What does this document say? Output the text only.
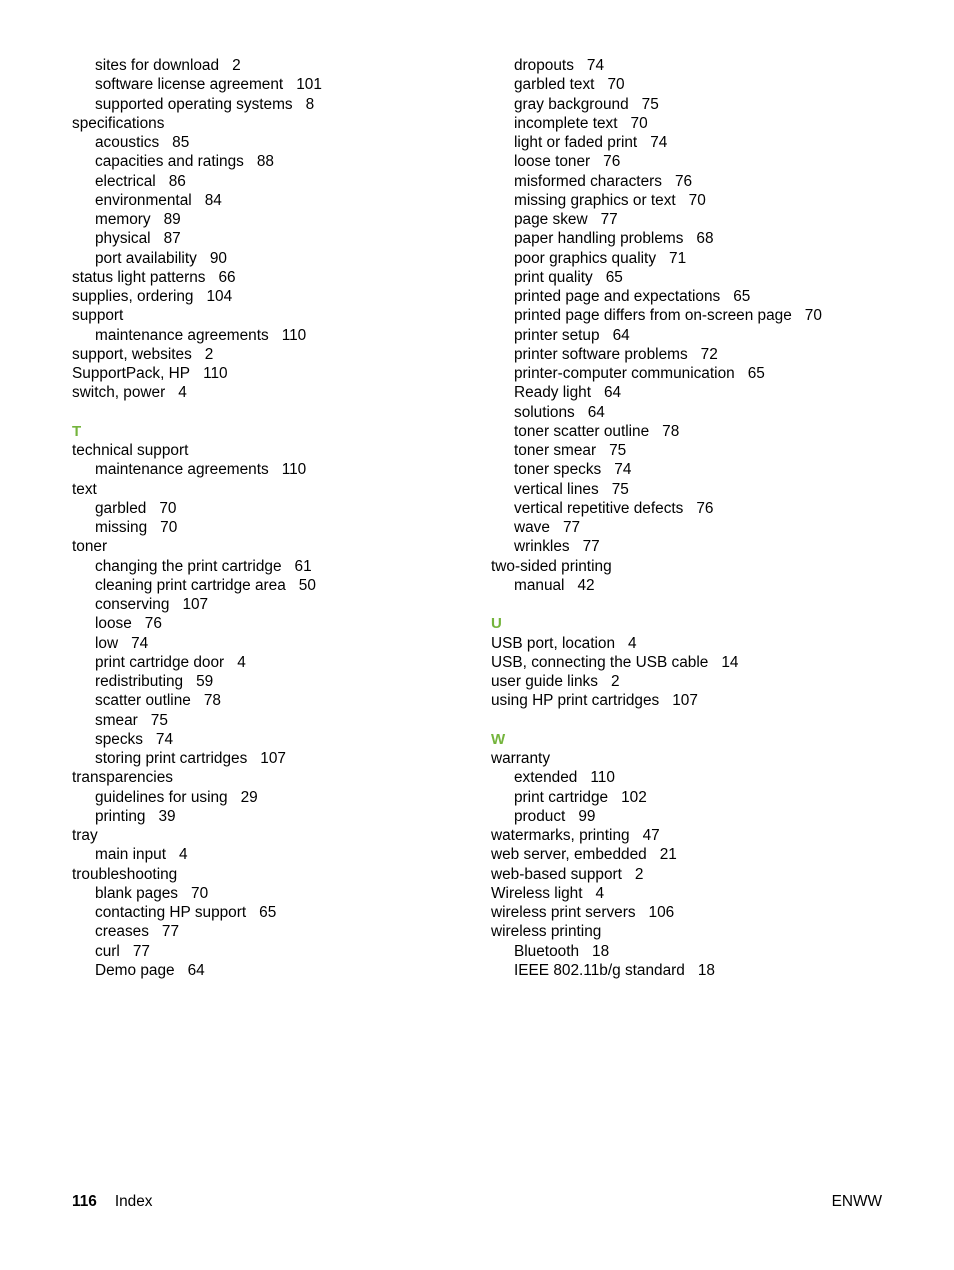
sites for download 2
software license agreement 101
supported operating systems 8
specifications
acoustics 85
capacities and ratings 88
electrical 86
environmental 84
memory 89
physical 87
port availability 90
status light patterns 66
supplies, ordering 104
support
maintenance agreements 110
support, websites 2
SupportPack, HP 110
switch, power 4
T
technical support
maintenance agreements 110
text
garbled 70
missing 70
toner
changing the print cartridge 61
cleaning print cartridge area 50
conserving 107
loose 76
low 74
print cartridge door 4
redistributing 59
scatter outline 78
smear 75
specks 74
storing print cartridges 107
transparencies
guidelines for using 29
printing 39
tray
main input 4
troubleshooting
blank pages 70
contacting HP support 65
creases 77
curl 77
Demo page 64
dropouts 74
garbled text 70
gray background 75
incomplete text 70
light or faded print 74
loose toner 76
misformed characters 76
missing graphics or text 70
page skew 77
paper handling problems 68
poor graphics quality 71
print quality 65
printed page and expectations 65
printed page differs from on-screen page 70
printer setup 64
printer software problems 72
printer-computer communication 65
Ready light 64
solutions 64
toner scatter outline 78
toner smear 75
toner specks 74
vertical lines 75
vertical repetitive defects 76
wave 77
wrinkles 77
two-sided printing
manual 42
U
USB port, location 4
USB, connecting the USB cable 14
user guide links 2
using HP print cartridges 107
W
warranty
extended 110
print cartridge 102
product 99
watermarks, printing 47
web server, embedded 21
web-based support 2
Wireless light 4
wireless print servers 106
wireless printing
Bluetooth 18
IEEE 802.11b/g standard 18
116 Index	ENWW
